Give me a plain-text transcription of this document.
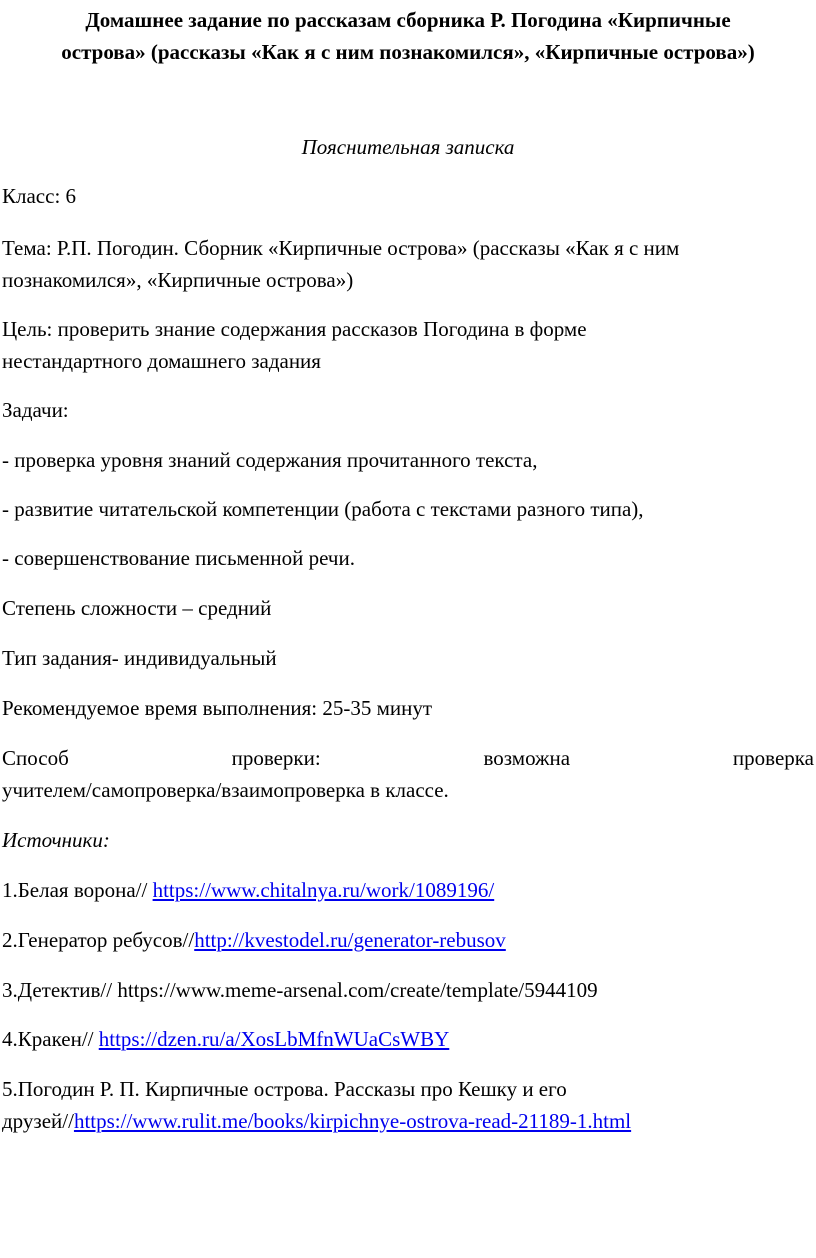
Домашнее задание по рассказам сборника Р. Погодина «Кирпичные
острова» (рассказы «Как я с ним познакомился», «Кирпичные острова»)
Пояснительная записка
Класс: 6
Тема: Р.П. Погодин. Сборник «Кирпичные острова» (рассказы «Как я с ним
познакомился», «Кирпичные острова»)
Цель: проверить знание содержания рассказов Погодина в форме
нестандартного домашнего задания
Задачи:
- проверка уровня знаний содержания прочитанного текста,
- развитие читательской компетенции (работа с текстами разного типа),
- совершенствование письменной речи.
Степень сложности – средний
Тип задания- индивидуальный
Рекомендуемое время выполнения: 25-35 минут
Способ	проверки:	возможна	проверка
учителем/самопроверка/взаимопроверка в классе.
Источники:
1.Белая ворона// https://www.chitalnya.ru/work/1089196/
2.Генератор ребусов//http://kvestodel.ru/generator-rebusov
3.Детектив// https://www.meme-arsenal.com/create/template/5944109
4.Кракен// https://dzen.ru/a/XosLbMfnWUaCsWBY
5.Погодин Р. П. Кирпичные острова. Рассказы про Кешку и его
друзей//https://www.rulit.me/books/kirpichnye-ostrova-read-21189-1.html
